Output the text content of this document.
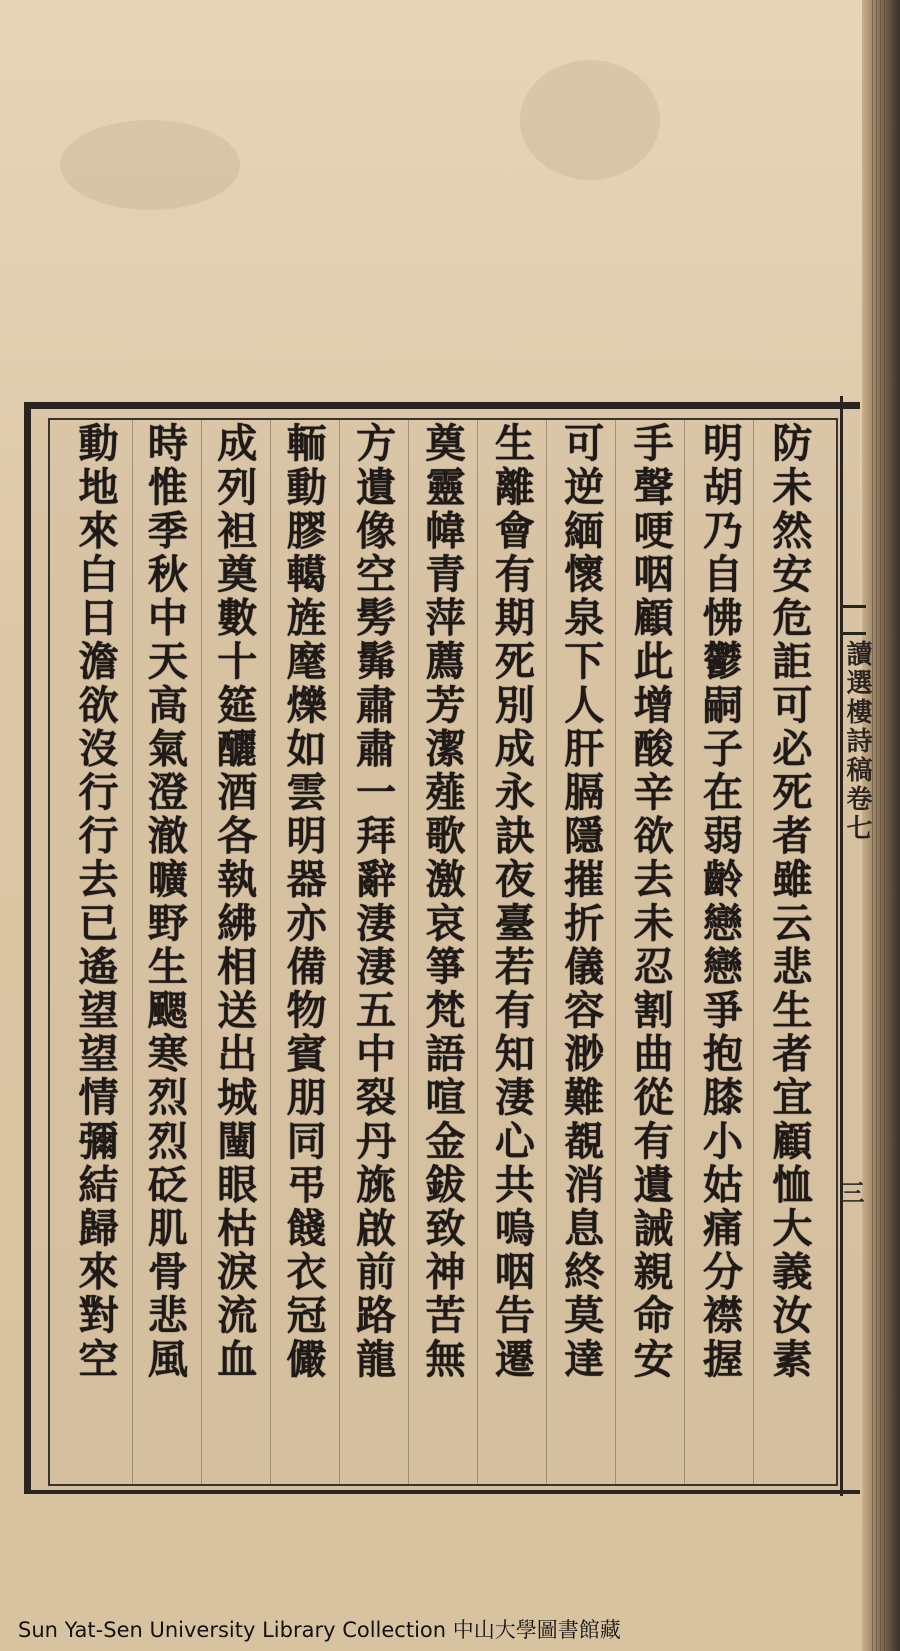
讀選樓詩稿卷七
三
防未然安危詎可必死者雖云悲生者宜顧恤大義汝素
明胡乃自怫鬱嗣子在弱齡戀戀爭抱膝小姑痛分襟握
手聲哽咽顧此增酸辛欲去未忍割曲從有遺誡親命安
可逆緬懷泉下人肝膈隱摧折儀容渺難覩消息終莫達
生離會有期死別成永訣夜臺若有知淒心共嗚咽告遷
奠靈幃青萍薦芳潔薤歌激哀箏梵語喧金鈸致神苦無
方遺像空髣髴肅肅一拜辭淒淒五中裂丹旐啟前路龍
輀動膠轕旌麾爍如雲明器亦備物賓朋同弔餞衣冠儼
成列袒奠數十筵釃酒各執紼相送出城闉眼枯淚流血
時惟季秋中天高氣澄澈曠野生颸寒烈烈砭肌骨悲風
動地來白日澹欲沒行行去已遙望望情彌結歸來對空
Sun Yat-Sen University Library Collection 中山大學圖書館藏
